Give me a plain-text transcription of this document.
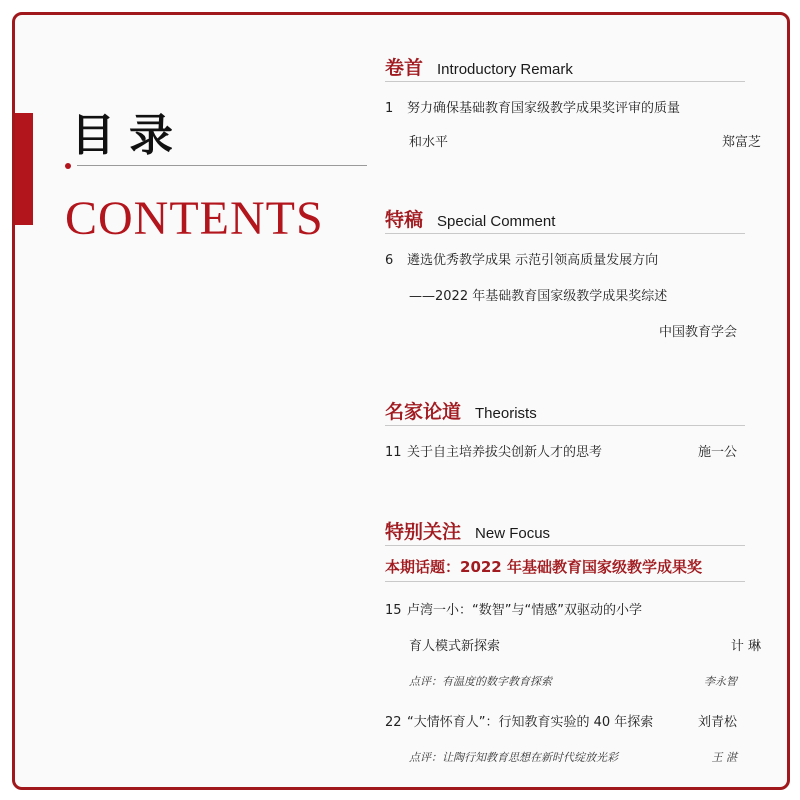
目录
CONTENTS
卷首 Introductory Remark
1 努力确保基础教育国家级教学成果奖评审的质量
和水平	郑富芝
特稿 Special Comment
6 遴选优秀教学成果 示范引领高质量发展方向
——2022 年基础教育国家级教学成果奖综述
中国教育学会
名家论道 Theorists
11 关于自主培养拔尖创新人才的思考	施一公
特别关注 New Focus
本期话题：2022 年基础教育国家级教学成果奖
15 卢湾一小：“数智”与“情感”双驱动的小学
育人模式新探索	计 琳
点评：有温度的数字教育探索	李永智
22 “大情怀育人”：行知教育实验的 40 年探索	刘青松
点评：让陶行知教育思想在新时代绽放光彩	王 湛
